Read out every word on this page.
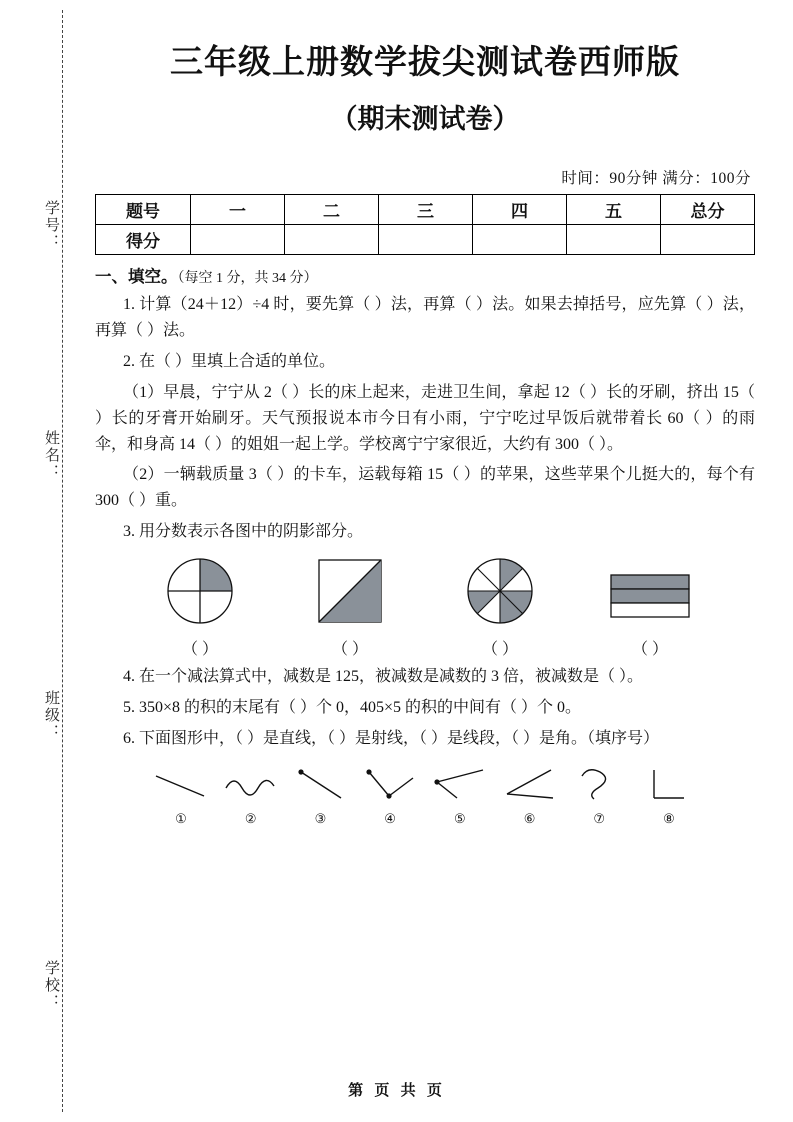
学号：
姓名：
班级：
学校：
三年级上册数学拔尖测试卷西师版
（期末测试卷）
时间：90分钟 满分：100分
题号	一	二	三	四	五	总分
得分						
一、填空。（每空 1 分，共 34 分）

1. 计算（24＋12）÷4 时，要先算（ ）法，再算（ ）法。如果去掉括号，应先算（ ）法，再算（ ）法。

2. 在（ ）里填上合适的单位。

（1）早晨，宁宁从 2（ ）长的床上起来，走进卫生间，拿起 12（ ）长的牙刷，挤出 15（ ）长的牙膏开始刷牙。天气预报说本市今日有小雨，宁宁吃过早饭后就带着长 60（ ）的雨伞，和身高 14（ ）的姐姐一起上学。学校离宁宁家很近，大约有 300（ ）。

（2）一辆载质量 3（ ）的卡车，运载每箱 15（ ）的苹果，这些苹果个儿挺大的，每个有 300（ ）重。

3. 用分数表示各图中的阴影部分。

（ ）	（ ）	（ ）	（ ）

4. 在一个减法算式中，减数是 125，被减数是减数的 3 倍，被减数是（ ）。

5. 350×8 的积的末尾有（ ）个 0，405×5 的积的中间有（ ）个 0。

6. 下面图形中，（ ）是直线，（ ）是射线，（ ）是线段，（ ）是角。（填序号）

①	②	③	④	⑤	⑥	⑦	⑧
第 页 共 页
